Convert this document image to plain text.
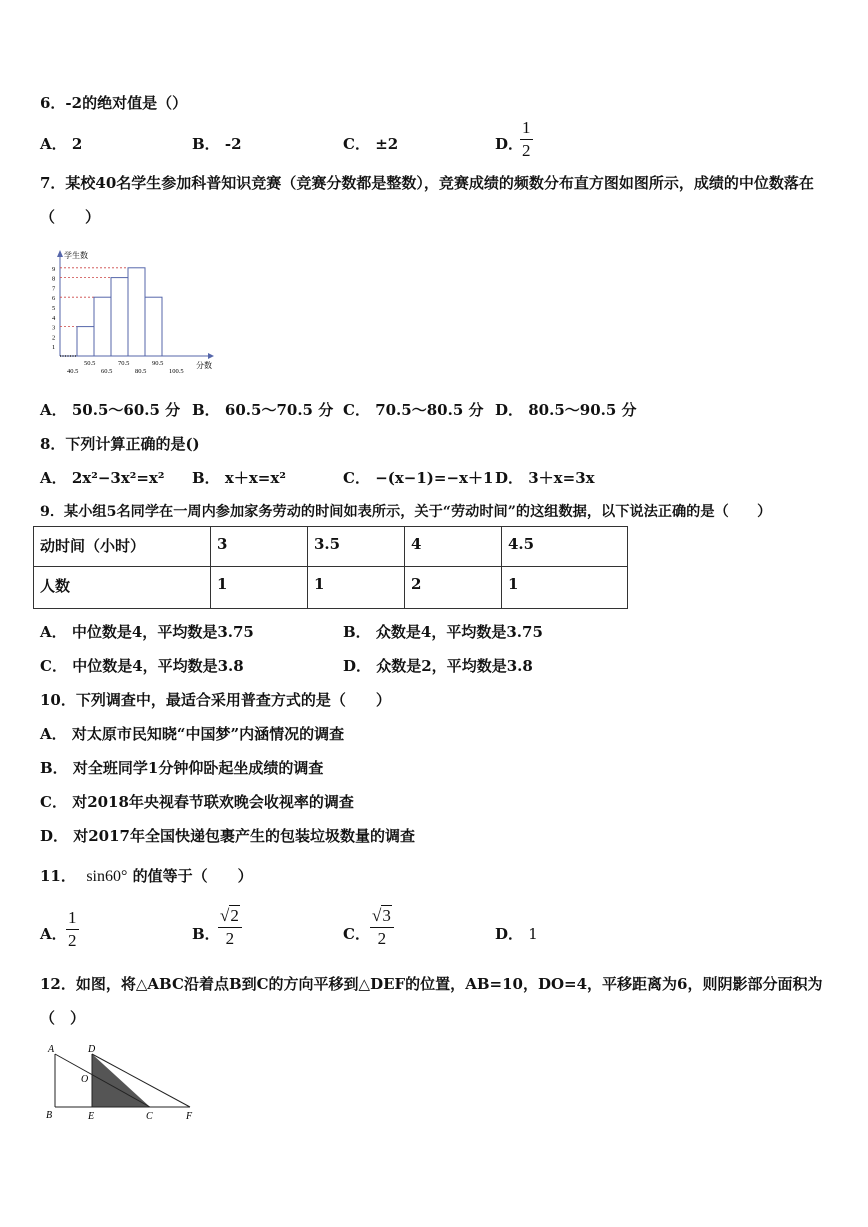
6．-2的绝对值是（）
A． 2	B． -2	C． ±2	D．
1
2
7．某校40名学生参加科普知识竞赛（竞赛分数都是整数），竞赛成绩的频数分布直方图如图所示，成绩的中位数落在
（　　）
学生数
分数
1
2
3
4
5
6
7
8
9
50.5	70.5	90.5
40.5	60.5	80.5	100.5
A． 50.5～60.5 分 B． 60.5～70.5 分 C． 70.5～80.5 分 D． 80.5～90.5 分
8．下列计算正确的是()
A． 2x²−3x²=x² B． x＋x=x²	C． −(x−1)=−x＋1 D． 3＋x=3x
9．某小组5名同学在一周内参加家务劳动的时间如表所示，关于“劳动时间”的这组数据，以下说法正确的是（　　）
动时间（小时）	3	3.5	4	4.5
人数	1	1	2	1
A． 中位数是4，平均数是3.75	B． 众数是4，平均数是3.75
C． 中位数是4，平均数是3.8	D． 众数是2，平均数是3.8
10．下列调查中，最适合采用普查方式的是（　　）
A． 对太原市民知晓“中国梦”内涵情况的调查
B． 对全班同学1分钟仰卧起坐成绩的调查
C． 对2018年央视春节联欢晚会收视率的调查
D． 对2017年全国快递包裹产生的包装垃圾数量的调查
11． sin60° 的值等于（　　）
A．
1
2	B．
√2
2	C．
√3
2	D． 1
12．如图，将△ABC沿着点B到C的方向平移到△DEF的位置，AB=10，DO=4，平移距离为6，则阴影部分面积为
（　）
A	D
O
B	E	C	F
